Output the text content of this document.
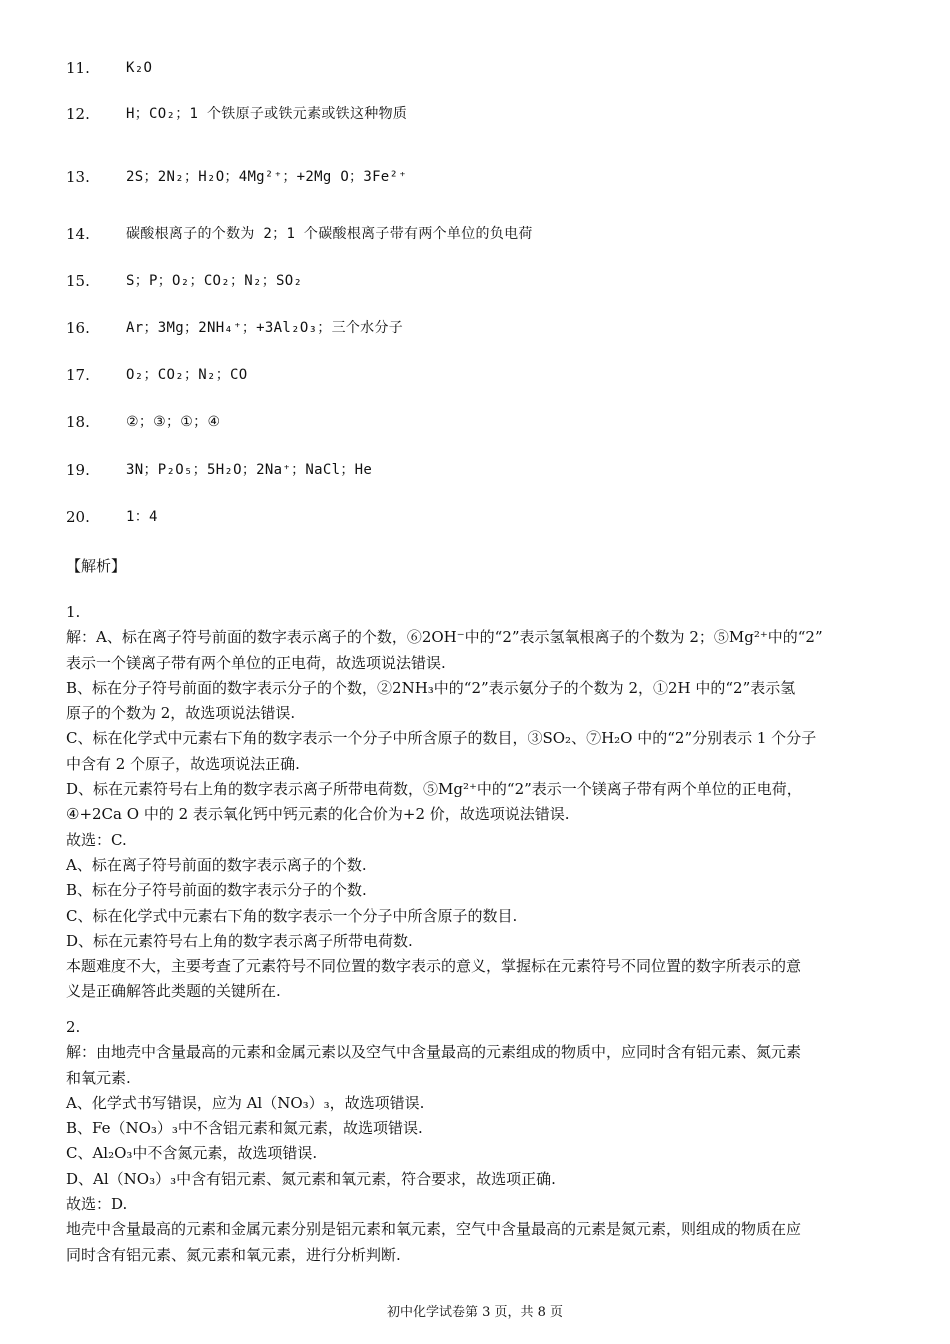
11.	K₂O
12.	H；CO₂；1 个铁原子或铁元素或铁这种物质
13.	2S；2N₂；H₂O；4Mg²⁺；+2Mg O；3Fe²⁺
14.	碳酸根离子的个数为 2；1 个碳酸根离子带有两个单位的负电荷
15.	S；P；O₂；CO₂；N₂；SO₂
16.	Ar；3Mg；2NH₄⁺；+3Al₂O₃；三个水分子
17.	O₂；CO₂；N₂；CO
18.	②；③；①；④
19.	3N；P₂O₅；5H₂O；2Na⁺；NaCl；He
20.	1：4
【解析】

1.

解：A、标在离子符号前面的数字表示离子的个数，⑥2OH⁻中的“2”表示氢氧根离子的个数为 2；⑤Mg²⁺中的“2”

表示一个镁离子带有两个单位的正电荷，故选项说法错误.

B、标在分子符号前面的数字表示分子的个数，②2NH₃中的“2”表示氨分子的个数为 2，①2H 中的“2”表示氢

原子的个数为 2，故选项说法错误.

C、标在化学式中元素右下角的数字表示一个分子中所含原子的数目，③SO₂、⑦H₂O 中的“2”分别表示 1 个分子

中含有 2 个原子，故选项说法正确.

D、标在元素符号右上角的数字表示离子所带电荷数，⑤Mg²⁺中的“2”表示一个镁离子带有两个单位的正电荷，

④+2Ca O 中的 2 表示氧化钙中钙元素的化合价为+2 价，故选项说法错误.

故选：C.

A、标在离子符号前面的数字表示离子的个数.

B、标在分子符号前面的数字表示分子的个数.

C、标在化学式中元素右下角的数字表示一个分子中所含原子的数目.

D、标在元素符号右上角的数字表示离子所带电荷数.

本题难度不大，主要考查了元素符号不同位置的数字表示的意义，掌握标在元素符号不同位置的数字所表示的意

义是正确解答此类题的关键所在.

2.

解：由地壳中含量最高的元素和金属元素以及空气中含量最高的元素组成的物质中，应同时含有铝元素、氮元素

和氧元素.

A、化学式书写错误，应为 Al（NO₃）₃，故选项错误.

B、Fe（NO₃）₃中不含铝元素和氮元素，故选项错误.

C、Al₂O₃中不含氮元素，故选项错误.

D、Al（NO₃）₃中含有铝元素、氮元素和氧元素，符合要求，故选项正确.

故选：D.

地壳中含量最高的元素和金属元素分别是铝元素和氧元素，空气中含量最高的元素是氮元素，则组成的物质在应

同时含有铝元素、氮元素和氧元素，进行分析判断.

初中化学试卷第 3 页，共 8 页
